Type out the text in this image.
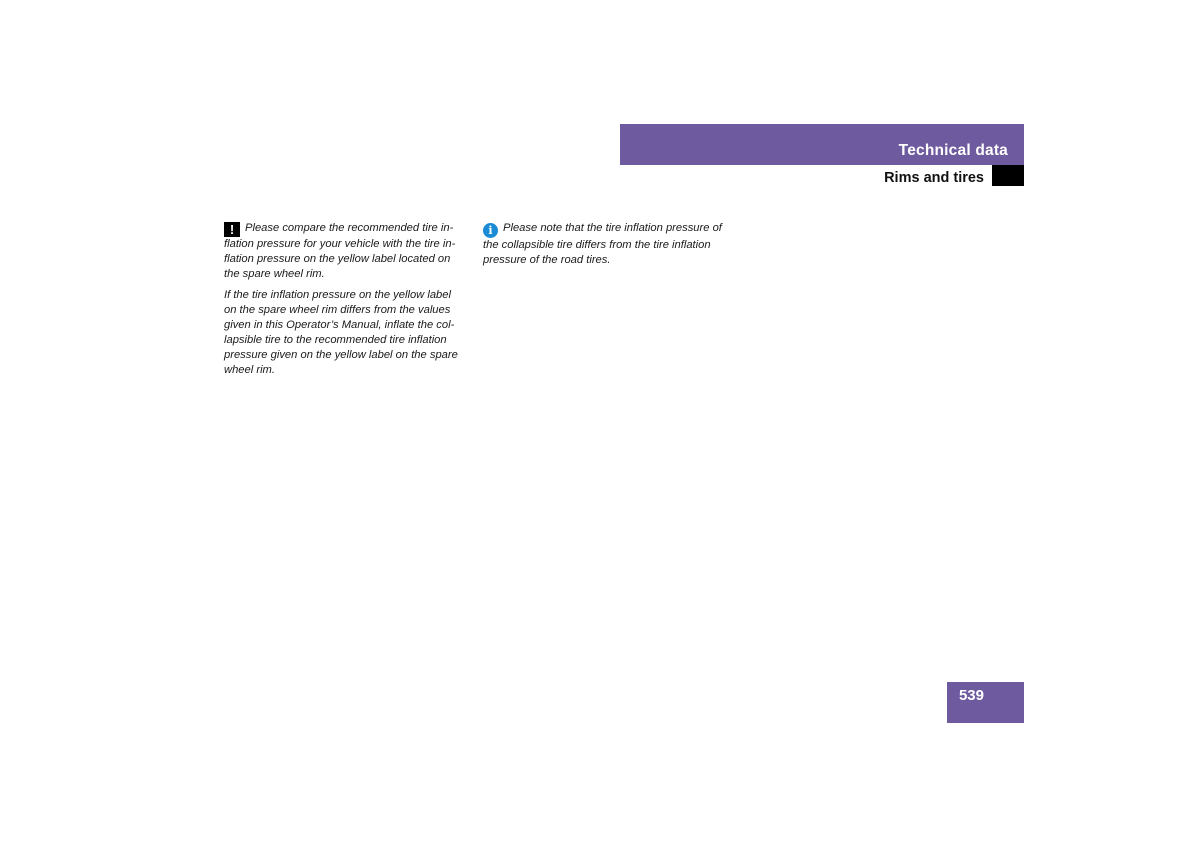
Technical data
Rims and tires

! Please compare the recommended tire in-flation pressure for your vehicle with the tire in-flation pressure on the yellow label located on the spare wheel rim.

If the tire inflation pressure on the yellow label on the spare wheel rim differs from the values given in this Operator’s Manual, inflate the col-lapsible tire to the recommended tire inflation pressure given on the yellow label on the spare wheel rim.

i Please note that the tire inflation pressure of the collapsible tire differs from the tire inflation pressure of the road tires.

539
